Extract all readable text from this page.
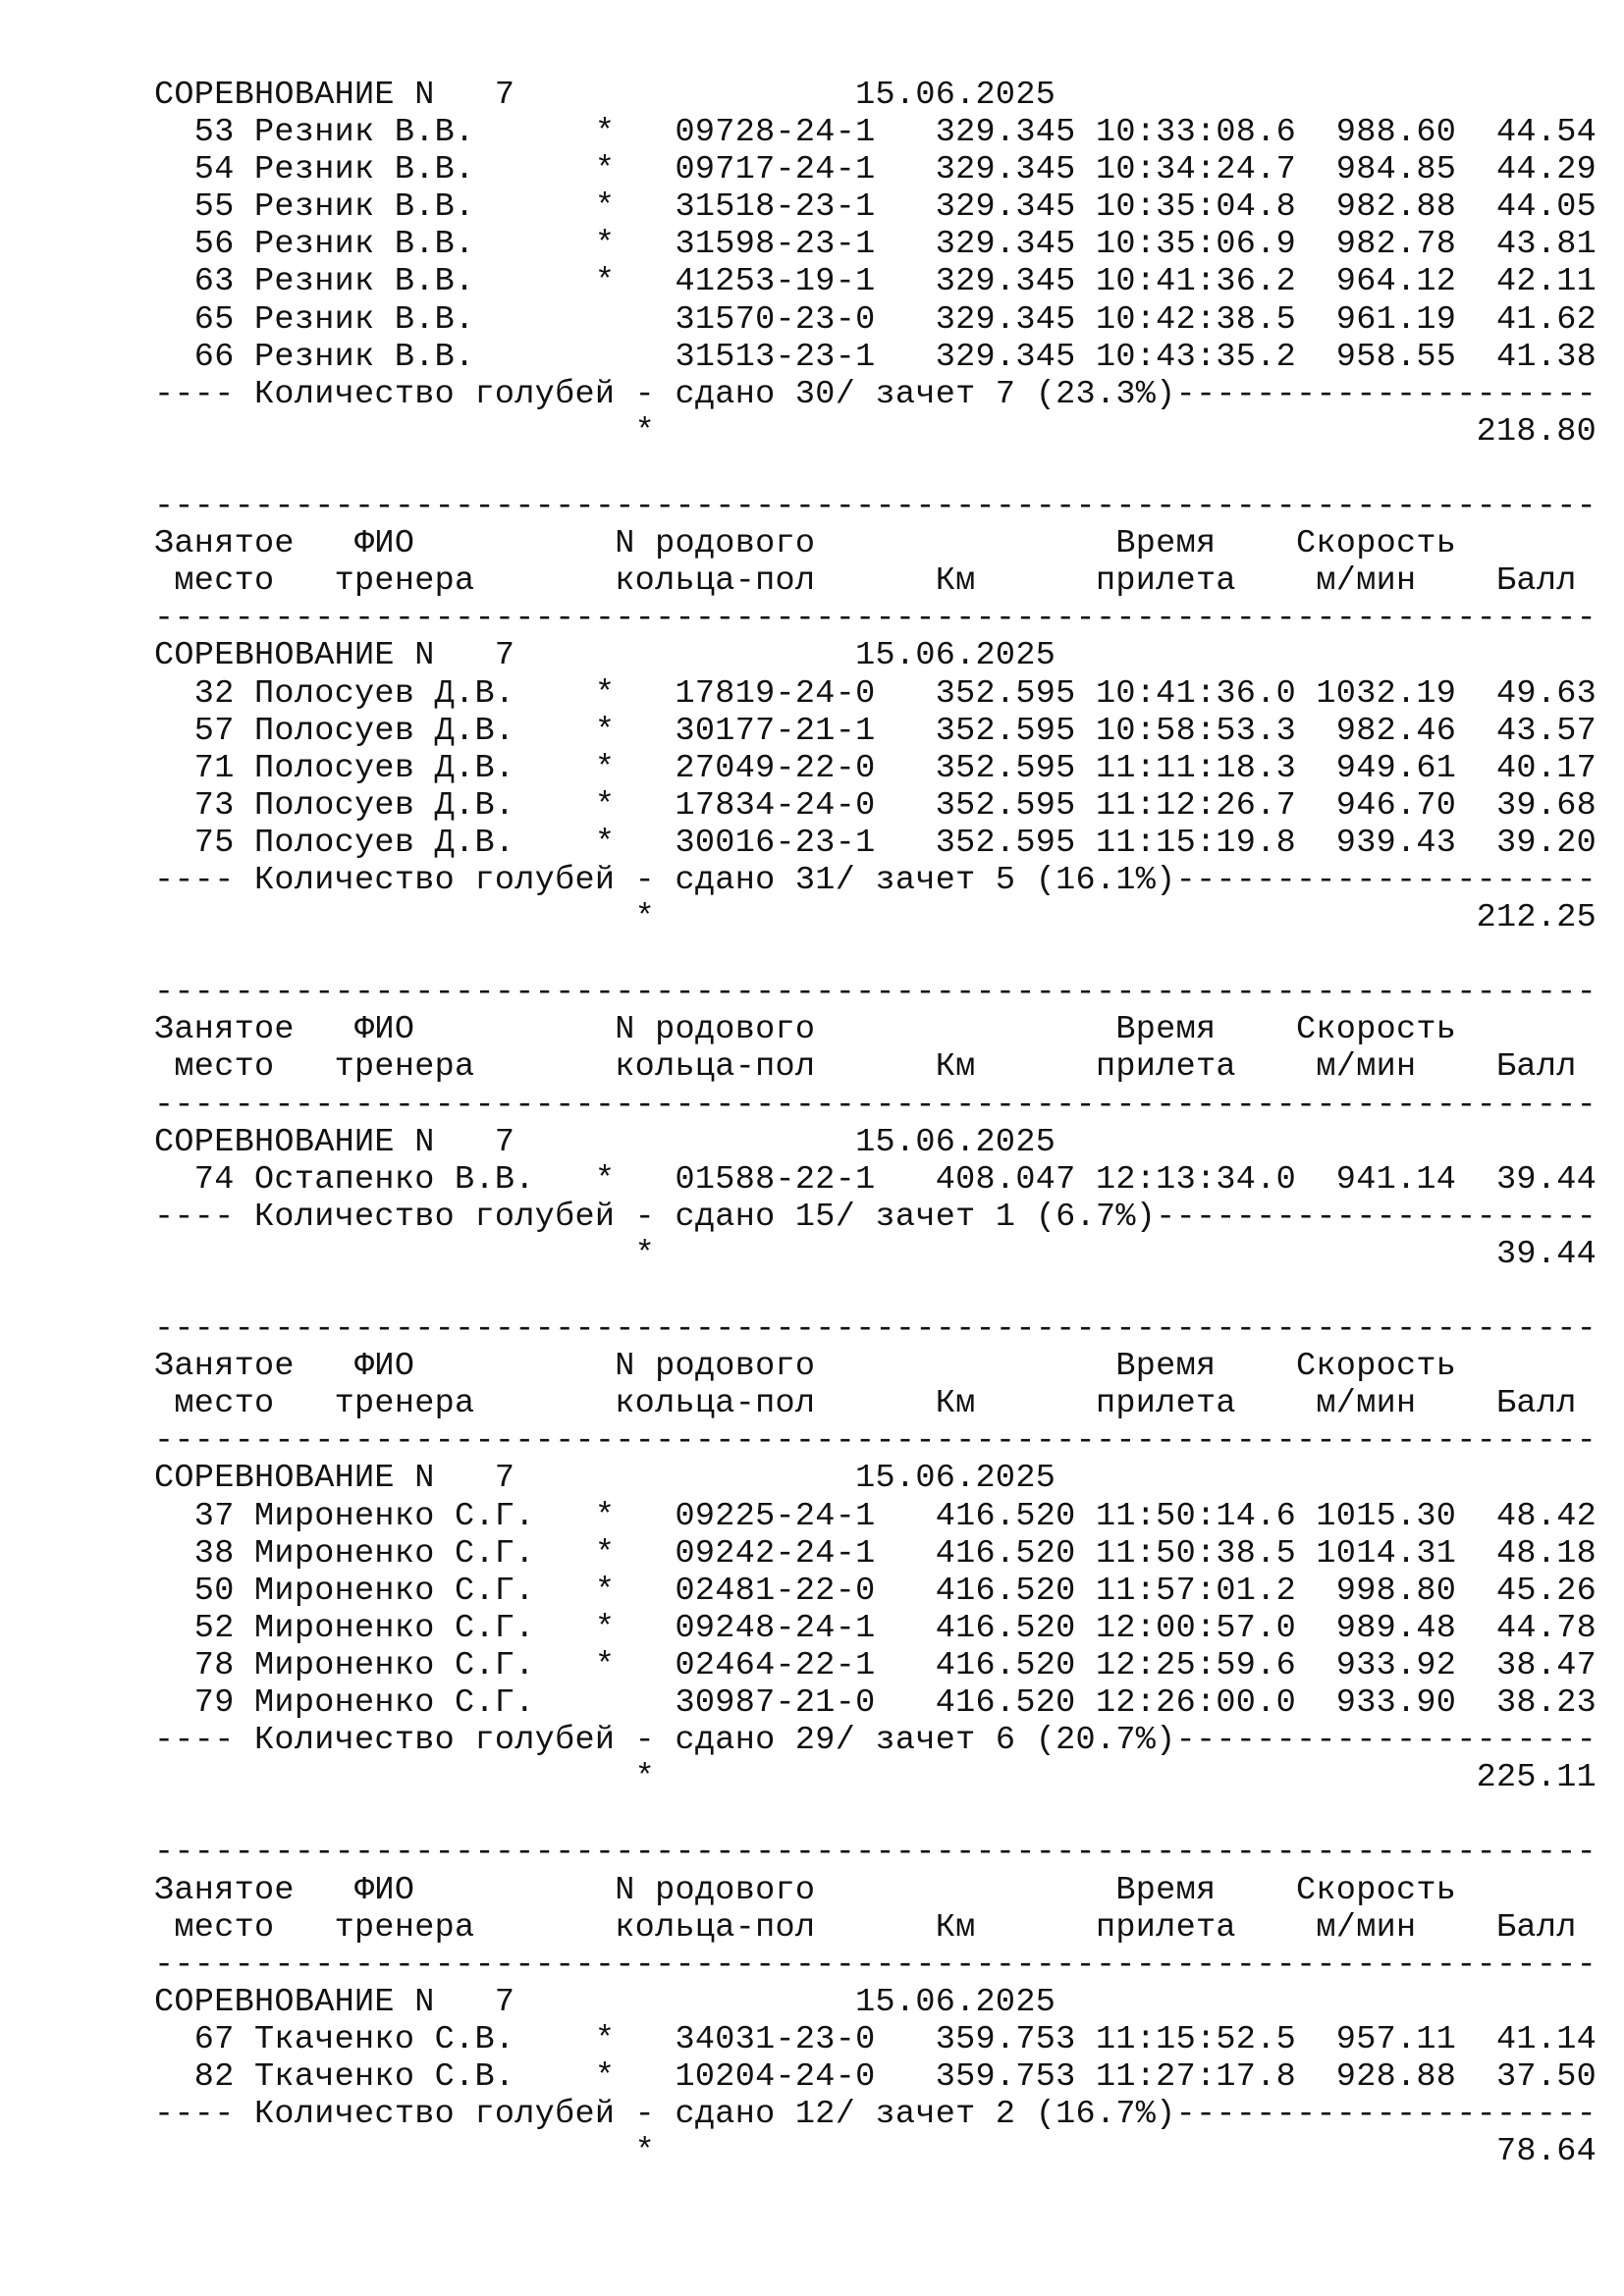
СОРЕВНОВАНИЕ N   7                 15.06.2025
53 Резник В.В.      *   09728-24-1   329.345 10:33:08.6  988.60  44.54
54 Резник В.В.      *   09717-24-1   329.345 10:34:24.7  984.85  44.29
55 Резник В.В.      *   31518-23-1   329.345 10:35:04.8  982.88  44.05
56 Резник В.В.      *   31598-23-1   329.345 10:35:06.9  982.78  43.81
63 Резник В.В.      *   41253-19-1   329.345 10:41:36.2  964.12  42.11
65 Резник В.В.          31570-23-0   329.345 10:42:38.5  961.19  41.62
66 Резник В.В.          31513-23-1   329.345 10:43:35.2  958.55  41.38
---- Количество голубей - сдано 30/ зачет 7 (23.3%)---------------------
*                                         218.80
------------------------------------------------------------------------
Занятое   ФИО          N родового               Время    Скорость
место   тренера       кольца-пол      Км      прилета    м/мин    Балл
------------------------------------------------------------------------
СОРЕВНОВАНИЕ N   7                 15.06.2025
32 Полосуев Д.В.    *   17819-24-0   352.595 10:41:36.0 1032.19  49.63
57 Полосуев Д.В.    *   30177-21-1   352.595 10:58:53.3  982.46  43.57
71 Полосуев Д.В.    *   27049-22-0   352.595 11:11:18.3  949.61  40.17
73 Полосуев Д.В.    *   17834-24-0   352.595 11:12:26.7  946.70  39.68
75 Полосуев Д.В.    *   30016-23-1   352.595 11:15:19.8  939.43  39.20
---- Количество голубей - сдано 31/ зачет 5 (16.1%)---------------------
*                                         212.25
------------------------------------------------------------------------
Занятое   ФИО          N родового               Время    Скорость
место   тренера       кольца-пол      Км      прилета    м/мин    Балл
------------------------------------------------------------------------
СОРЕВНОВАНИЕ N   7                 15.06.2025
74 Остапенко В.В.   *   01588-22-1   408.047 12:13:34.0  941.14  39.44
---- Количество голубей - сдано 15/ зачет 1 (6.7%)----------------------
*                                          39.44
------------------------------------------------------------------------
Занятое   ФИО          N родового               Время    Скорость
место   тренера       кольца-пол      Км      прилета    м/мин    Балл
------------------------------------------------------------------------
СОРЕВНОВАНИЕ N   7                 15.06.2025
37 Мироненко С.Г.   *   09225-24-1   416.520 11:50:14.6 1015.30  48.42
38 Мироненко С.Г.   *   09242-24-1   416.520 11:50:38.5 1014.31  48.18
50 Мироненко С.Г.   *   02481-22-0   416.520 11:57:01.2  998.80  45.26
52 Мироненко С.Г.   *   09248-24-1   416.520 12:00:57.0  989.48  44.78
78 Мироненко С.Г.   *   02464-22-1   416.520 12:25:59.6  933.92  38.47
79 Мироненко С.Г.       30987-21-0   416.520 12:26:00.0  933.90  38.23
---- Количество голубей - сдано 29/ зачет 6 (20.7%)---------------------
*                                         225.11
------------------------------------------------------------------------
Занятое   ФИО          N родового               Время    Скорость
место   тренера       кольца-пол      Км      прилета    м/мин    Балл
------------------------------------------------------------------------
СОРЕВНОВАНИЕ N   7                 15.06.2025
67 Ткаченко С.В.    *   34031-23-0   359.753 11:15:52.5  957.11  41.14
82 Ткаченко С.В.    *   10204-24-0   359.753 11:27:17.8  928.88  37.50
---- Количество голубей - сдано 12/ зачет 2 (16.7%)---------------------
*                                          78.64
